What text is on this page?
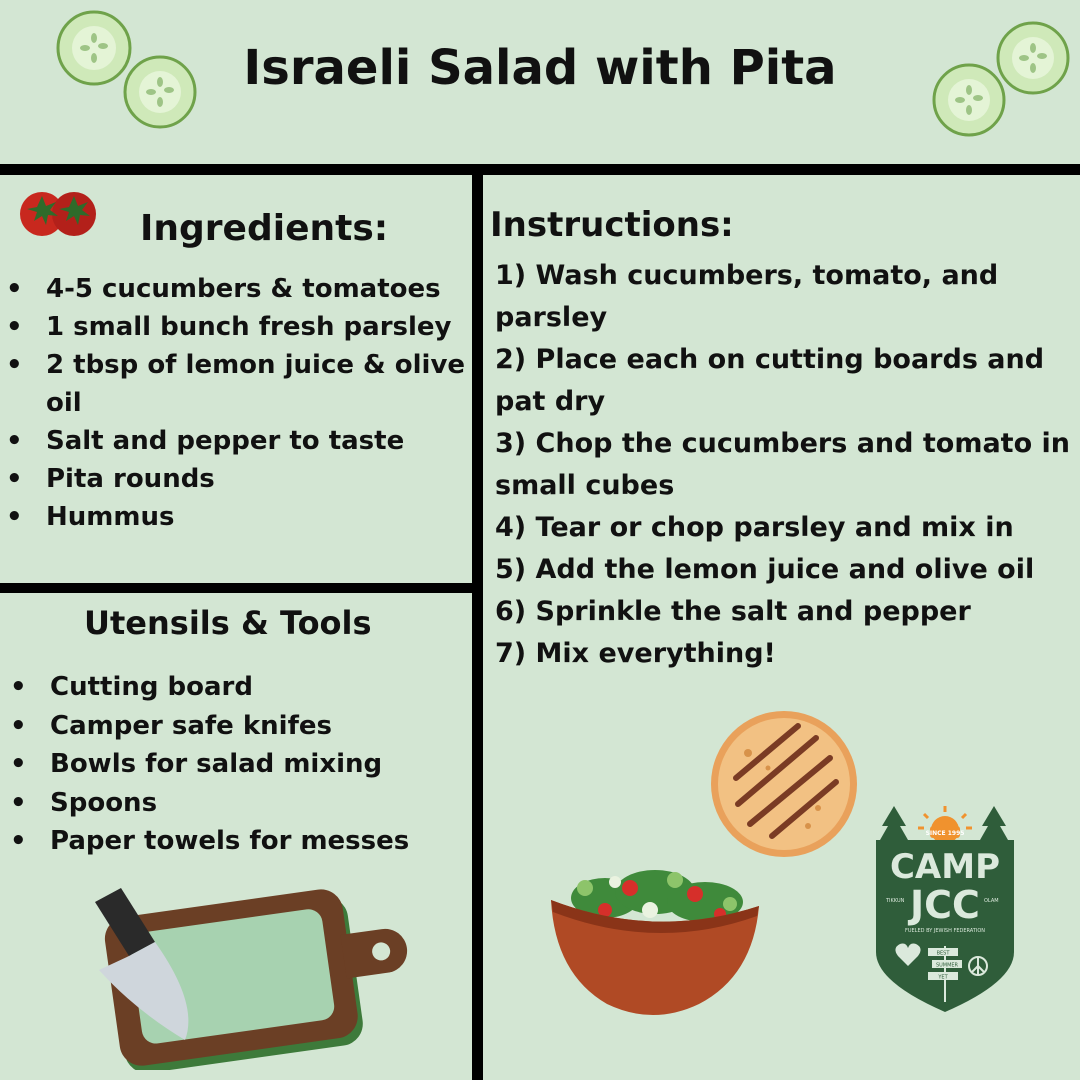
Israeli Salad with Pita
Ingredients:
• 4-5 cucumbers & tomatoes
• 1 small bunch fresh parsley
• 2 tbsp of lemon juice & olive oil
• Salt and pepper to taste
• Pita rounds
• Hummus
Utensils & Tools
• Cutting board
• Camper safe knifes
• Bowls for salad mixing
• Spoons
• Paper towels for messes
Instructions:
1) Wash cucumbers, tomato, and parsley
2) Place each on cutting boards and pat dry
3) Chop the cucumbers and tomato in small cubes
4) Tear or chop parsley and mix in
5) Add the lemon juice and olive oil
6) Sprinkle the salt and pepper
7) Mix everything!
SINCE 1995
CAMP
JCC
TIKKUN	OLAM
FUELED BY JEWISH FEDERATION
BEST
SUMMER
YET
